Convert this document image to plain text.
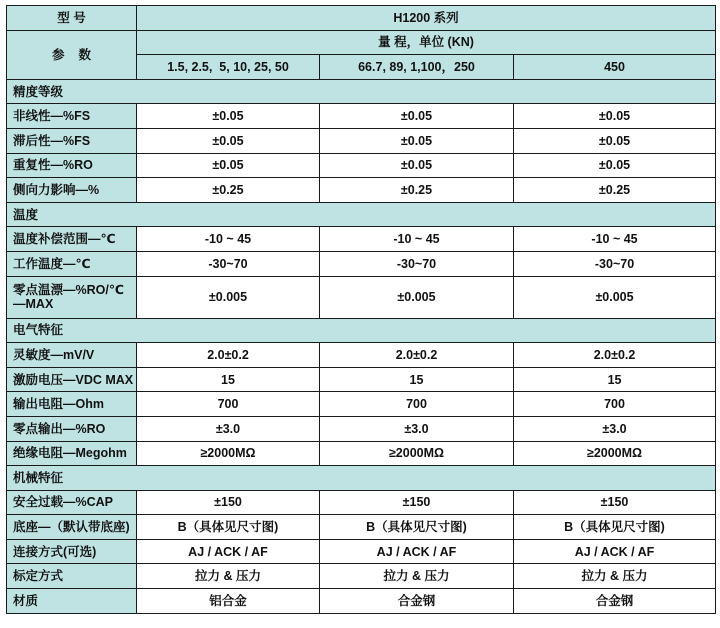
型 号	H1200 系列		
参    数	量 程，单位 (KN)		
	1.5, 2.5,  5, 10, 25, 50	66.7, 89, 1,100，250	450
精度等级			
非线性—%FS	±0.05	±0.05	±0.05
滞后性—%FS	±0.05	±0.05	±0.05
重复性—%RO	±0.05	±0.05	±0.05
侧向力影响—%	±0.25	±0.25	±0.25
温度			
温度补偿范围—℃	-10 ~ 45	-10 ~ 45	-10 ~ 45
工作温度—℃	-30~70	-30~70	-30~70
零点温漂—%RO/℃—MAX	±0.005	±0.005	±0.005
电气特征			
灵敏度—mV/V	2.0±0.2	2.0±0.2	2.0±0.2
激励电压—VDC MAX	15	15	15
输出电阻—Ohm	700	700	700
零点输出—%RO	±3.0	±3.0	±3.0
绝缘电阻—Megohm	≥2000MΩ	≥2000MΩ	≥2000MΩ
机械特征			
安全过载—%CAP	±150	±150	±150
底座—（默认带底座)	B（具体见尺寸图)	B（具体见尺寸图)	B（具体见尺寸图)
连接方式(可选)	AJ / ACK / AF	AJ / ACK / AF	AJ / ACK / AF
标定方式	拉力 & 压力	拉力 & 压力	拉力 & 压力
材质	铝合金	合金钢	合金钢
